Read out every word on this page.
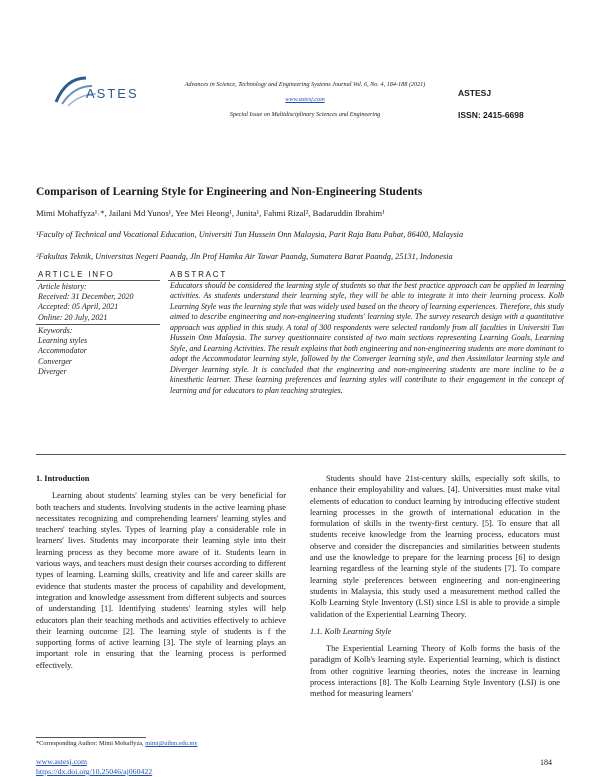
ASTES
Advances in Science, Technology and Engineering Systems Journal Vol. 6, No. 4, 184-188 (2021)
www.astesj.com
Special Issue on Multidisciplinary Sciences and Engineering
ASTESJ
ISSN: 2415-6698
Comparison of Learning Style for Engineering and Non-Engineering Students
Mimi Mohaffyza¹˒*, Jailani Md Yunos¹, Yee Mei Heong¹, Junita¹, Fahmi Rizal², Badaruddin Ibrahim¹
¹Faculty of Technical and Vocational Education, Universiti Tun Hussein Onn Malaysia, Parit Raja Batu Pahat, 86400, Malaysia
²Fakultas Teknik, Universitas Negeri Paandg, Jln Prof Hamka Air Tawar Paandg, Sumatera Barat Paandg, 25131, Indonesia
ARTICLE INFO	ABSTRACT
Article history:
Received: 31 December, 2020
Accepted: 05 April, 2021
Online: 20 July, 2021
Keywords:
Learning styles
Accommodator
Converger
Diverger
Educators should be considered the learning style of students so that the best practice approach can be applied in learning activities. As students understand their learning style, they will be able to integrate it into their learning process. Kolb Learning Style was the learning style that was widely used based on the theory of learning experiences. Therefore, this study aimed to describe engineering and non-engineering students' learning style. The survey research design with a quantitative approach was applied in this study. A total of 300 respondents were selected randomly from all faculties in Universiti Tun Hussein Onn Malaysia. The survey questionnaire consisted of two main sections representing Learning Goals, Learning Style, and Learning Activities. The result explains that both engineering and non-engineering students are more dominant to adopt the Accommodator learning style, followed by the Converger learning style, and then Assimilator learning style and Diverger learning style. It is concluded that the engineering and non-engineering students are more incline to be a kinesthetic learner. These learning preferences and learning styles will contribute to their engagement in the concept of learning and for educators to plan teaching strategies.

1. Introduction

Learning about students' learning styles can be very beneficial for both teachers and students. Involving students in the active learning phase necessitates recognizing and comprehending learners' learning styles and teachers' teaching styles. Types of learning play a considerable role in learners' lives. Students may incorporate their learning style into their learning process as they become more aware of it. Students learn in various ways, and teachers must design their courses according to different types of learning. Learning skills, creativity and life and career skills are evidence that students master the process of capability and development, integration and knowledge assessment from different subjects and sources of understanding [1]. Identifying students' learning styles will help educators plan their teaching methods and activities effectively to achieve their learning outcome [2]. The learning style of students is f the supporting forms of active learning [3]. The style of learning plays an important role in ensuring that the learning process is performed effectively.

Students should have 21st-century skills, especially soft skills, to enhance their employability and values. [4]. Universities must make vital elements of education to conduct learning by introducing effective student learning processes in the growth of international education in the formulation of skills in the twenty-first century. [5]. To ensure that all students receive knowledge from the learning process, educators must observe and consider the discrepancies and similarities between students and use the knowledge to prepare for the learning process [6] to design learning regardless of the learning style of the students [7]. To compare learning style preferences between engineering and non-engineering students in Malaysia, this study used a measurement method called the Kolb Learning Style Inventory (LSI) since LSI is able to provide a simple validation of the Experiential Learning Theory.

1.1. Kolb Learning Style

The Experiential Learning Theory of Kolb forms the basis of the paradigm of Kolb's learning style. Experiential learning, which is distinct from other cognitive learning theories, notes the increase in learning process interactions [8]. The Kolb Learning Style Inventory (LSI) is one method for measuring learners'

*Corresponding Author: Mimi Mohaffyza, mimi@uthm.edu.my
www.astesj.com
https://dx.doi.org/10.25046/aj060422
184
